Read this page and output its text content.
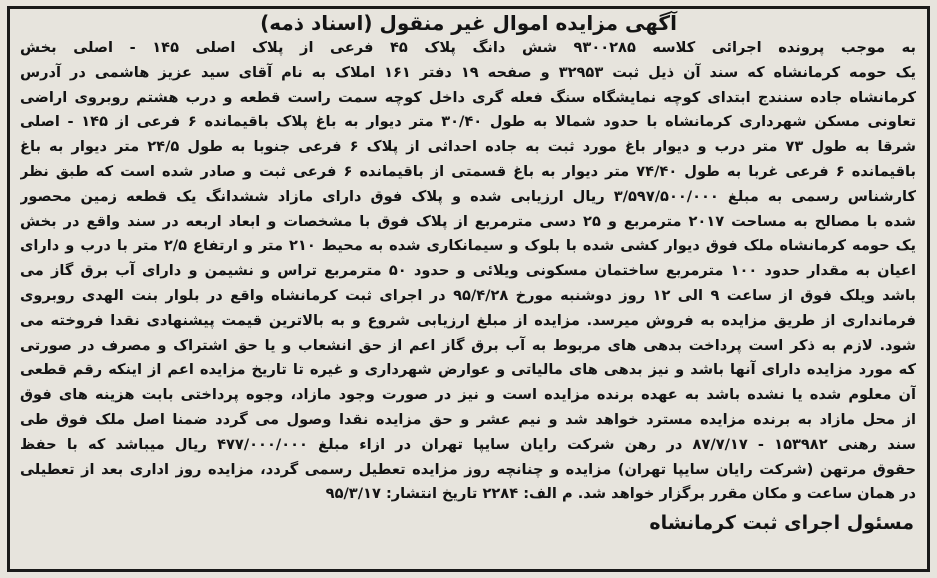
آگهی مزایده اموال غیر منقول (اسناد ذمه)
به موجب پرونده اجرائی کلاسه ۹۳۰۰۲۸۵ شش دانگ پلاک ۴۵ فرعی از پلاک اصلی ۱۴۵ - اصلی بخش
یک حومه کرمانشاه که سند آن ذیل ثبت ۳۲۹۵۳ و صفحه ۱۹ دفتر ۱۶۱ املاک به نام آقای سید عزیز هاشمی در آدرس
کرمانشاه جاده سنندج ابتدای کوچه نمایشگاه سنگ فعله گری داخل کوچه سمت راست قطعه و درب هشتم روبروی اراضی
تعاونی مسکن شهرداری کرمانشاه با حدود شمالا به طول ۳۰/۴۰ متر دیوار به باغ پلاک باقیمانده ۶ فرعی از ۱۴۵ - اصلی
شرقا به طول ۷۳ متر درب و دیوار باغ مورد ثبت به جاده احداثی از پلاک ۶ فرعی جنوبا به طول ۲۴/۵ متر دیوار به باغ
باقیمانده ۶ فرعی غربا به طول ۷۴/۴۰ متر دیوار به باغ قسمتی از باقیمانده ۶ فرعی ثبت و صادر شده است که طبق نظر
کارشناس رسمی به مبلغ ۳/۵۹۷/۵۰۰/۰۰۰ ریال ارزیابی شده و پلاک فوق دارای مازاد ششدانگ یک قطعه زمین محصور
شده با مصالح به مساحت ۲۰۱۷ مترمربع و ۲۵ دسی مترمربع از پلاک فوق با مشخصات و ابعاد اربعه در سند واقع در بخش
یک حومه کرمانشاه ملک فوق دیوار کشی شده با بلوک و سیمانکاری شده به محیط ۲۱۰ متر و ارتفاع ۲/۵ متر با درب و دارای
اعیان به مقدار حدود ۱۰۰ مترمربع ساختمان مسکونی ویلائی و حدود ۵۰ مترمربع تراس و نشیمن و دارای آب برق گاز می
باشد ویلک فوق از ساعت ۹ الی ۱۲ روز دوشنبه مورخ ۹۵/۴/۲۸ در اجرای ثبت کرمانشاه واقع در بلوار بنت الهدی روبروی
فرمانداری از طریق مزایده به فروش میرسد. مزایده از مبلغ ارزیابی شروع و به بالاترین قیمت پیشنهادی نقدا فروخته می
شود. لازم به ذکر است پرداخت بدهی های مربوط به آب برق گاز اعم از حق انشعاب و یا حق اشتراک و مصرف در صورتی
که مورد مزایده دارای آنها باشد و نیز بدهی های مالیاتی و عوارض شهرداری و غیره تا تاریخ مزایده اعم از اینکه رقم قطعی
آن معلوم شده یا نشده باشد به عهده برنده مزایده است و نیز در صورت وجود مازاد، وجوه پرداختی بابت هزینه های فوق
از محل مازاد به برنده مزایده مسترد خواهد شد و نیم عشر و حق مزایده نقدا وصول می گردد ضمنا اصل ملک فوق طی
سند رهنی ۱۵۳۹۸۲ - ۸۷/۷/۱۷ در رهن شرکت رایان سایپا تهران در ازاء مبلغ ۴۷۷/۰۰۰/۰۰۰ ریال میباشد که با حفظ
حقوق مرتهن (شرکت رایان سایپا تهران) مزایده و چنانچه روز مزایده تعطیل رسمی گردد، مزایده روز اداری بعد از تعطیلی
در همان ساعت و مکان مقرر برگزار خواهد شد. م الف: ۲۲۸۴ تاریخ انتشار: ۹۵/۳/۱۷
مسئول اجرای ثبت کرمانشاه
